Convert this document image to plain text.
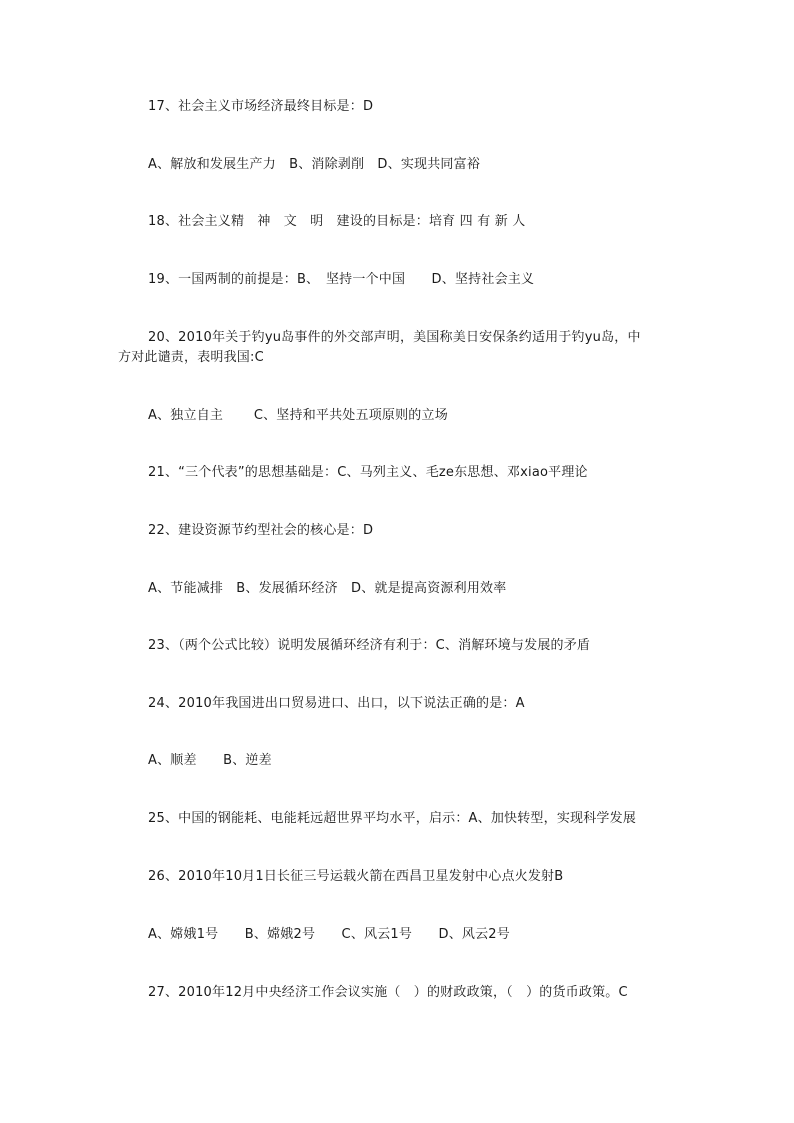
17、社会主义市场经济最终目标是：D
A、解放和发展生产力　B、消除剥削　D、实现共同富裕
18、社会主义精　神　文　明　建设的目标是：培育 四 有 新 人
19、一国两制的前提是：B、　坚持一个中国　　D、坚持社会主义
20、2010年关于钓yu岛事件的外交部声明，美国称美日安保条约适用于钓yu岛，中方对此谴责，表明我国:C
A、独立自主　　 C、坚持和平共处五项原则的立场
21、“三个代表”的思想基础是：C、马列主义、毛ze东思想、邓xiao平理论
22、建设资源节约型社会的核心是：D
A、节能减排　B、发展循环经济　D、就是提高资源利用效率
23、（两个公式比较）说明发展循环经济有利于：C、消解环境与发展的矛盾
24、2010年我国进出口贸易进口、出口，以下说法正确的是：A
A、顺差　　B、逆差
25、中国的钢能耗、电能耗远超世界平均水平，启示：A、加快转型，实现科学发展
26、2010年10月1日长征三号运载火箭在西昌卫星发射中心点火发射B
A、嫦娥1号　　B、嫦娥2号　　C、风云1号　　D、风云2号
27、2010年12月中央经济工作会议实施（　）的财政政策，（　）的货币政策。C
